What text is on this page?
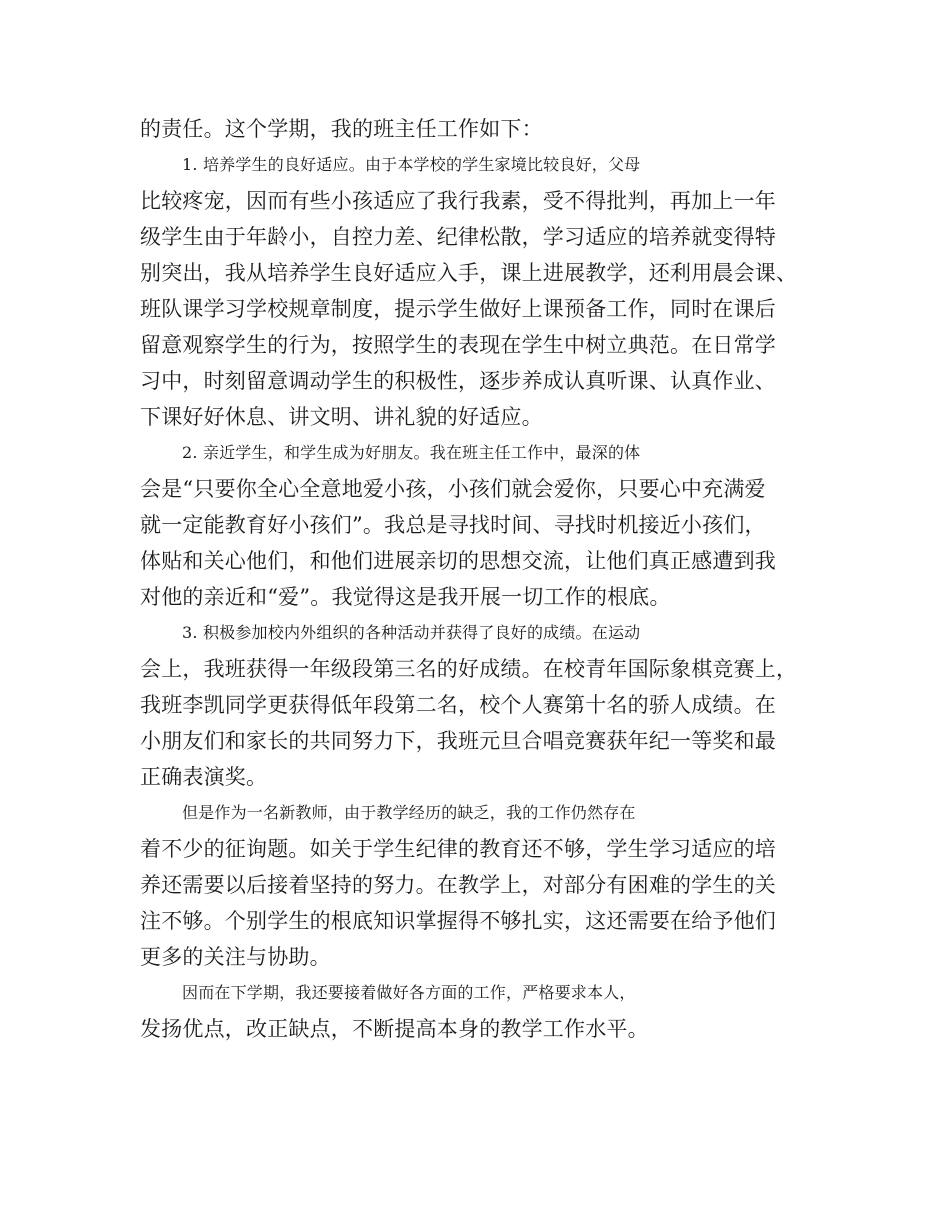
的责任。这个学期，我的班主任工作如下：
1. 培养学生的良好适应。由于本学校的学生家境比较良好，父母
比较疼宠，因而有些小孩适应了我行我素，受不得批判，再加上一年
级学生由于年龄小，自控力差、纪律松散，学习适应的培养就变得特
别突出，我从培养学生良好适应入手，课上进展教学，还利用晨会课、
班队课学习学校规章制度，提示学生做好上课预备工作，同时在课后
留意观察学生的行为，按照学生的表现在学生中树立典范。在日常学
习中，时刻留意调动学生的积极性，逐步养成认真听课、认真作业、
下课好好休息、讲文明、讲礼貌的好适应。
2. 亲近学生，和学生成为好朋友。我在班主任工作中，最深的体
会是“只要你全心全意地爱小孩，小孩们就会爱你，只要心中充满爱
就一定能教育好小孩们”。我总是寻找时间、寻找时机接近小孩们，
体贴和关心他们，和他们进展亲切的思想交流，让他们真正感遭到我
对他的亲近和“爱”。我觉得这是我开展一切工作的根底。
3. 积极参加校内外组织的各种活动并获得了良好的成绩。在运动
会上，我班获得一年级段第三名的好成绩。在校青年国际象棋竞赛上，
我班李凯同学更获得低年段第二名，校个人赛第十名的骄人成绩。在
小朋友们和家长的共同努力下，我班元旦合唱竞赛获年纪一等奖和最
正确表演奖。
但是作为一名新教师，由于教学经历的缺乏，我的工作仍然存在
着不少的征询题。如关于学生纪律的教育还不够，学生学习适应的培
养还需要以后接着坚持的努力。在教学上，对部分有困难的学生的关
注不够。个别学生的根底知识掌握得不够扎实，这还需要在给予他们
更多的关注与协助。
因而在下学期，我还要接着做好各方面的工作，严格要求本人，
发扬优点，改正缺点，不断提高本身的教学工作水平。
